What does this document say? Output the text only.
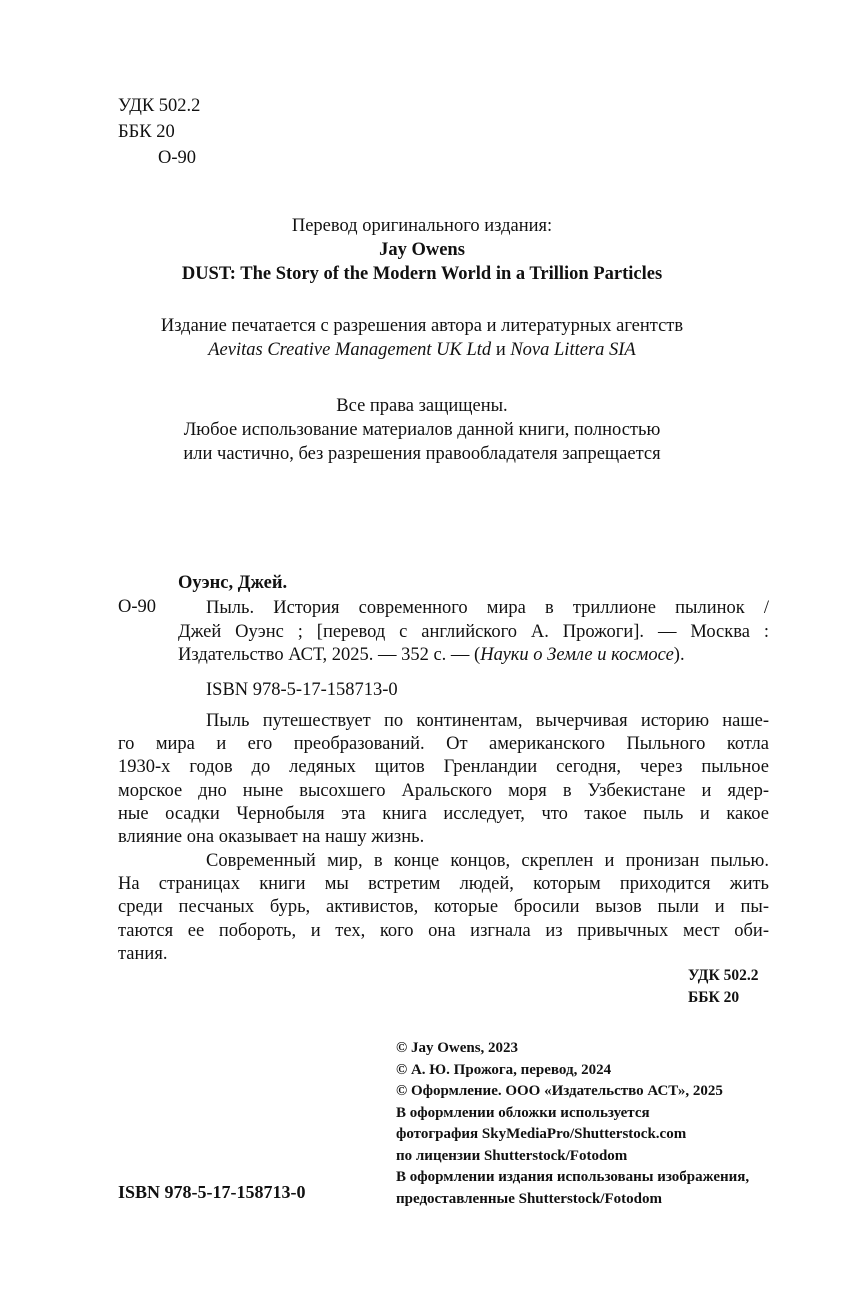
УДК 502.2
ББК 20
О-90
Перевод оригинального издания:
Jay Owens
DUST: The Story of the Modern World in a Trillion Particles
Издание печатается с разрешения автора и литературных агентств
Aevitas Creative Management UK Ltd и Nova Littera SIA
Все права защищены.
Любое использование материалов данной книги, полностью
или частично, без разрешения правообладателя запрещается
Оуэнс, Джей.
О-90	Пыль. История современного мира в триллионе пылинок /
Джей Оуэнс ; [перевод с английского А. Прожоги]. — Москва :
Издательство АСТ, 2025. — 352 с. — (Науки о Земле и космосе).
ISBN 978-5-17-158713-0
Пыль путешествует по континентам, вычерчивая историю наше-
го мира и его преобразований. От американского Пыльного котла
1930-х годов до ледяных щитов Гренландии сегодня, через пыльное
морское дно ныне высохшего Аральского моря в Узбекистане и ядер-
ные осадки Чернобыля эта книга исследует, что такое пыль и какое
влияние она оказывает на нашу жизнь.
Современный мир, в конце концов, скреплен и пронизан пылью.
На страницах книги мы встретим людей, которым приходится жить
среди песчаных бурь, активистов, которые бросили вызов пыли и пы-
таются ее побороть, и тех, кого она изгнала из привычных мест оби-
тания.
УДК 502.2
ББК 20
© Jay Owens, 2023
© А. Ю. Прожога, перевод, 2024
© Оформление. ООО «Издательство АСТ», 2025
В оформлении обложки используется
фотография SkyMediaPro/Shutterstock.com
по лицензии Shutterstock/Fotodom
В оформлении издания использованы изображения,
предоставленные Shutterstock/Fotodom
ISBN 978-5-17-158713-0
